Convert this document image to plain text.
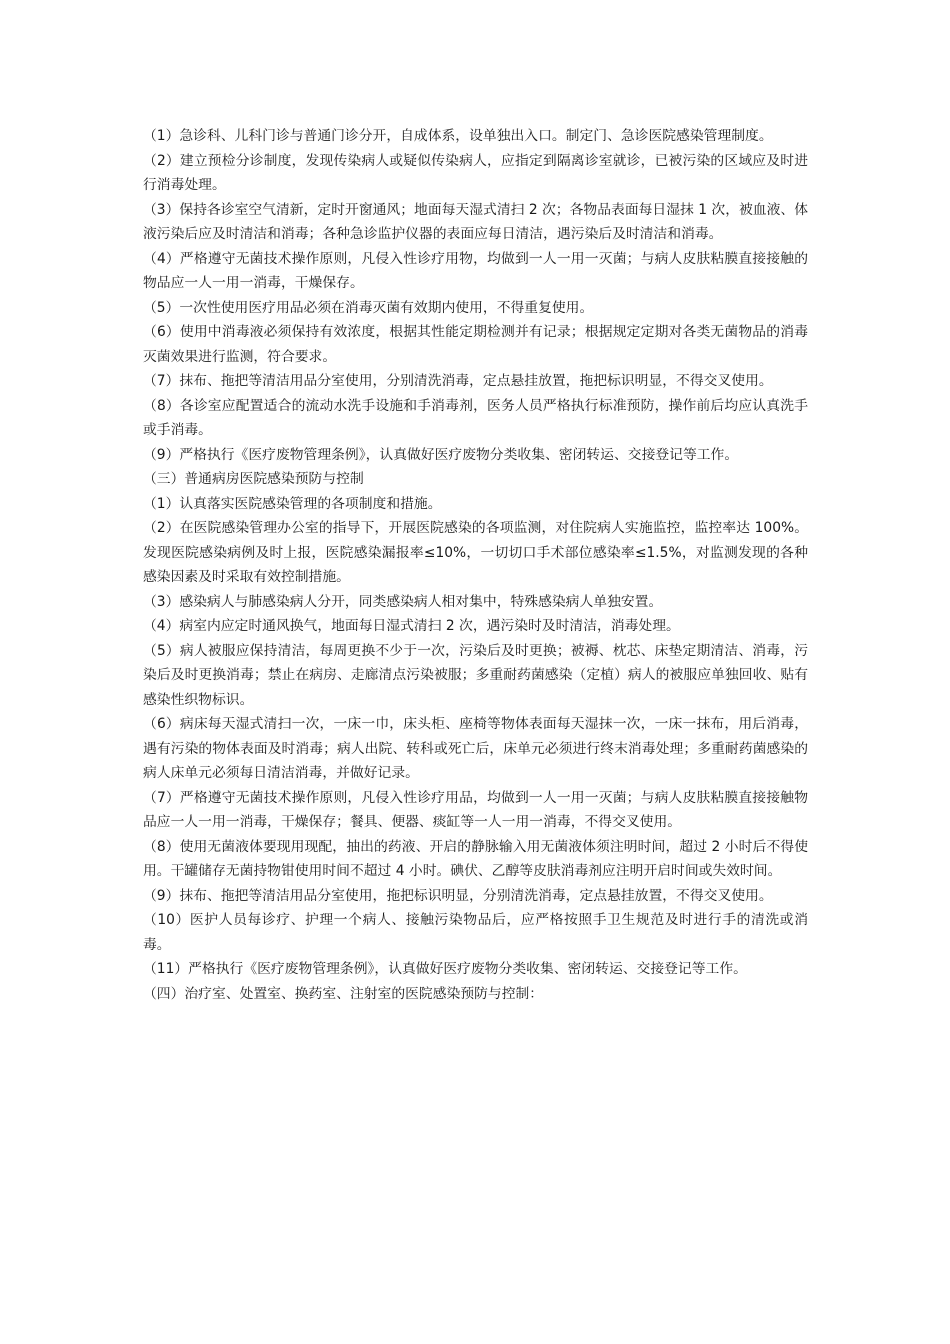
（1）急诊科、儿科门诊与普通门诊分开，自成体系，设单独出入口。制定门、急诊医院感染管理制度。

（2）建立预检分诊制度，发现传染病人或疑似传染病人，应指定到隔离诊室就诊，已被污染的区域应及时进行消毒处理。

（3）保持各诊室空气清新，定时开窗通风；地面每天湿式清扫 2 次；各物品表面每日湿抹 1 次，被血液、体液污染后应及时清洁和消毒；各种急诊监护仪器的表面应每日清洁，遇污染后及时清洁和消毒。

（4）严格遵守无菌技术操作原则，凡侵入性诊疗用物，均做到一人一用一灭菌；与病人皮肤粘膜直接接触的物品应一人一用一消毒，干燥保存。

（5）一次性使用医疗用品必须在消毒灭菌有效期内使用，不得重复使用。

（6）使用中消毒液必须保持有效浓度，根据其性能定期检测并有记录；根据规定定期对各类无菌物品的消毒灭菌效果进行监测，符合要求。

（7）抹布、拖把等清洁用品分室使用，分别清洗消毒，定点悬挂放置，拖把标识明显，不得交叉使用。

（8）各诊室应配置适合的流动水洗手设施和手消毒剂，医务人员严格执行标准预防，操作前后均应认真洗手或手消毒。

（9）严格执行《医疗废物管理条例》，认真做好医疗废物分类收集、密闭转运、交接登记等工作。

（三）普通病房医院感染预防与控制

（1）认真落实医院感染管理的各项制度和措施。

（2）在医院感染管理办公室的指导下，开展医院感染的各项监测，对住院病人实施监控，监控率达 100%。发现医院感染病例及时上报，医院感染漏报率≤10%，一切切口手术部位感染率≤1.5%，对监测发现的各种感染因素及时采取有效控制措施。

（3）感染病人与肺感染病人分开，同类感染病人相对集中，特殊感染病人单独安置。

（4）病室内应定时通风换气，地面每日湿式清扫 2 次，遇污染时及时清洁，消毒处理。

（5）病人被服应保持清洁，每周更换不少于一次，污染后及时更换；被褥、枕芯、床垫定期清洁、消毒，污染后及时更换消毒；禁止在病房、走廊清点污染被服；多重耐药菌感染（定植）病人的被服应单独回收、贴有感染性织物标识。

（6）病床每天湿式清扫一次，一床一巾，床头柜、座椅等物体表面每天湿抹一次，一床一抹布，用后消毒，遇有污染的物体表面及时消毒；病人出院、转科或死亡后，床单元必须进行终末消毒处理；多重耐药菌感染的病人床单元必须每日清洁消毒，并做好记录。

（7）严格遵守无菌技术操作原则，凡侵入性诊疗用品，均做到一人一用一灭菌；与病人皮肤粘膜直接接触物品应一人一用一消毒，干燥保存；餐具、便器、痰缸等一人一用一消毒，不得交叉使用。

（8）使用无菌液体要现用现配，抽出的药液、开启的静脉输入用无菌液体须注明时间，超过 2 小时后不得使用。干罐储存无菌持物钳使用时间不超过 4 小时。碘伏、乙醇等皮肤消毒剂应注明开启时间或失效时间。

（9）抹布、拖把等清洁用品分室使用，拖把标识明显，分别清洗消毒，定点悬挂放置，不得交叉使用。

（10）医护人员每诊疗、护理一个病人、接触污染物品后，应严格按照手卫生规范及时进行手的清洗或消毒。

（11）严格执行《医疗废物管理条例》，认真做好医疗废物分类收集、密闭转运、交接登记等工作。

（四）治疗室、处置室、换药室、注射室的医院感染预防与控制：
